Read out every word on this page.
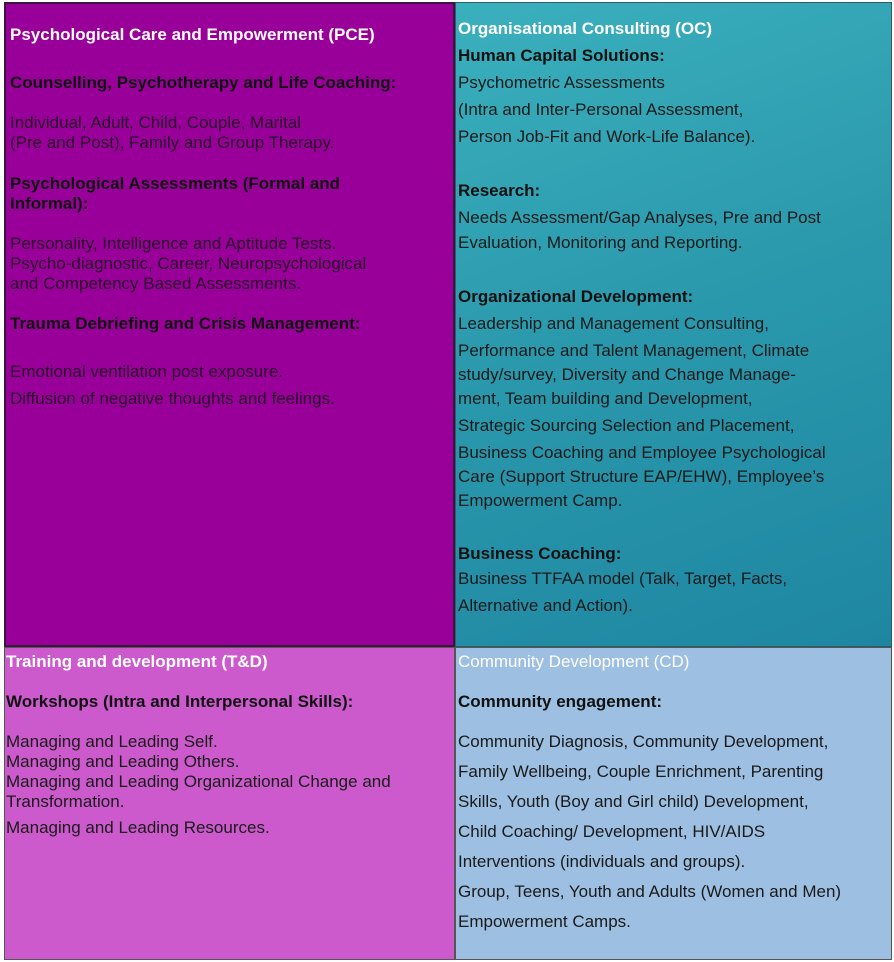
Psychological Care and Empowerment (PCE)

Counselling, Psychotherapy and Life Coaching:

Individual, Adult, Child, Couple, Marital

(Pre and Post), Family and Group Therapy.

Psychological Assessments (Formal and

Informal):

Personality, Intelligence and Aptitude Tests.

Psycho-diagnostic, Career, Neuropsychological

and Competency Based Assessments.

Trauma Debriefing and Crisis Management:

Emotional ventilation post exposure.

Diffusion of negative thoughts and feelings.

Organisational Consulting (OC)

Human Capital Solutions:

Psychometric Assessments

(Intra and Inter-Personal Assessment,

Person Job-Fit and Work-Life Balance).

Research:

Needs Assessment/Gap Analyses, Pre and Post

Evaluation, Monitoring and Reporting.

Organizational Development:

Leadership and Management Consulting,

Performance and Talent Management, Climate

study/survey, Diversity and Change Manage-

ment, Team building and Development,

Strategic Sourcing Selection and Placement,

Business Coaching and Employee Psychological

Care (Support Structure EAP/EHW), Employee’s

Empowerment Camp.

Business Coaching:

Business TTFAA model (Talk, Target, Facts,

Alternative and Action).

Training and development (T&D)

Workshops (Intra and Interpersonal Skills):

Managing and Leading Self.

Managing and Leading Others.

Managing and Leading Organizational Change and

Transformation.

Managing and Leading Resources.

Community Development (CD)

Community engagement:

Community Diagnosis, Community Development,

Family Wellbeing, Couple Enrichment, Parenting

Skills, Youth (Boy and Girl child) Development,

Child Coaching/ Development, HIV/AIDS

Interventions (individuals and groups).

Group, Teens, Youth and Adults (Women and Men)

Empowerment Camps.
